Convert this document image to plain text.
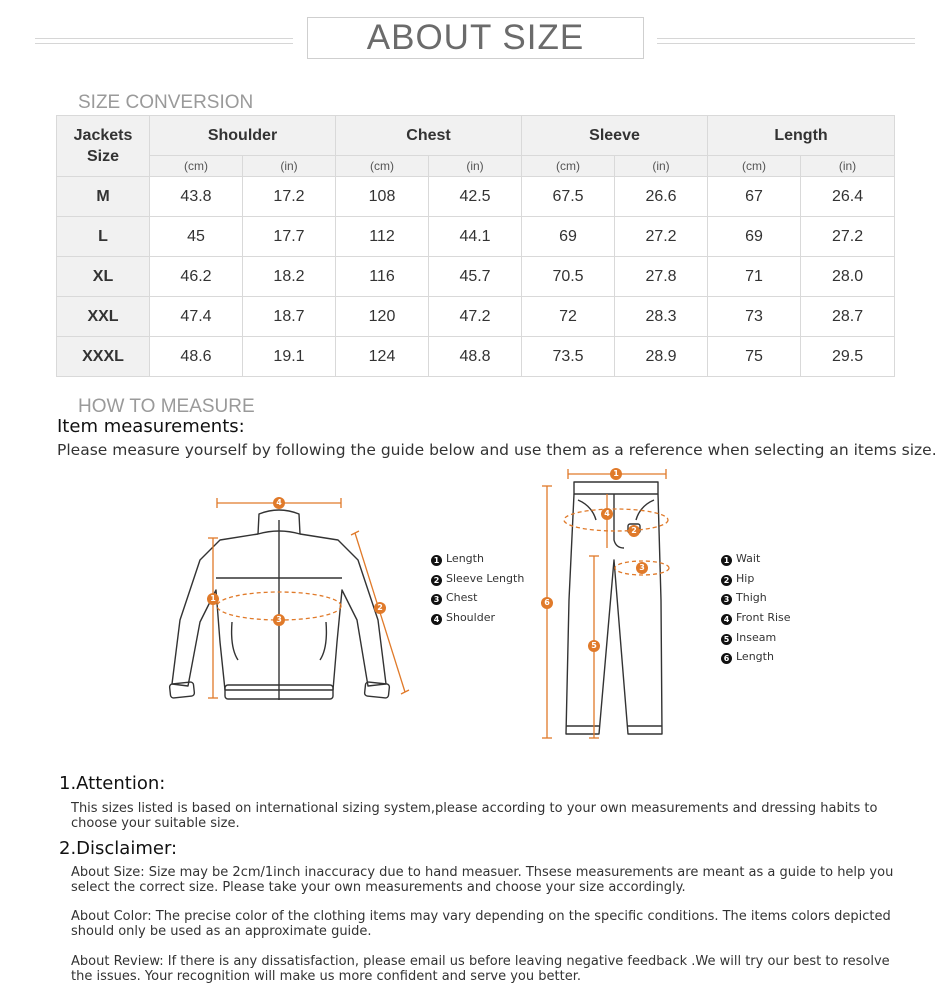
ABOUT SIZE
SIZE CONVERSION
Jackets
Size	Shoulder		Chest		Sleeve		Length	
	(cm)	(in)	(cm)	(in)	(cm)	(in)	(cm)	(in)
M	43.8	17.2	108	42.5	67.5	26.6	67	26.4
L	45	17.7	112	44.1	69	27.2	69	27.2
XL	46.2	18.2	116	45.7	70.5	27.8	71	28.0
XXL	47.4	18.7	120	47.2	72	28.3	73	28.7
XXXL	48.6	19.1	124	48.8	73.5	28.9	75	29.5
HOW TO MEASURE
Item measurements:
Please measure yourself by following the guide below and use them as a reference when selecting an items size.
4
1
3
2
1
4
2
3
5
6
1 Length
2 Sleeve Length
3 Chest
4 Shoulder
1 Wait
2 Hip
3 Thigh
4 Front Rise
5 Inseam
6 Length
1.Attention:
This sizes listed is based on international sizing system,please according to your own measurements and dressing habits to choose your suitable size.
2.Disclaimer:
About Size: Size may be 2cm/1inch inaccuracy due to hand measuer. Thsese measurements are meant as a guide to help you select the correct size. Please take your own measurements and choose your size accordingly.
About Color: The precise color of the clothing items may vary depending on the specific conditions. The items colors depicted should only be used as an approximate guide.
About Review: If there is any dissatisfaction, please email us before leaving negative feedback .We will try our best to resolve the issues. Your recognition will make us more confident and serve you better.
